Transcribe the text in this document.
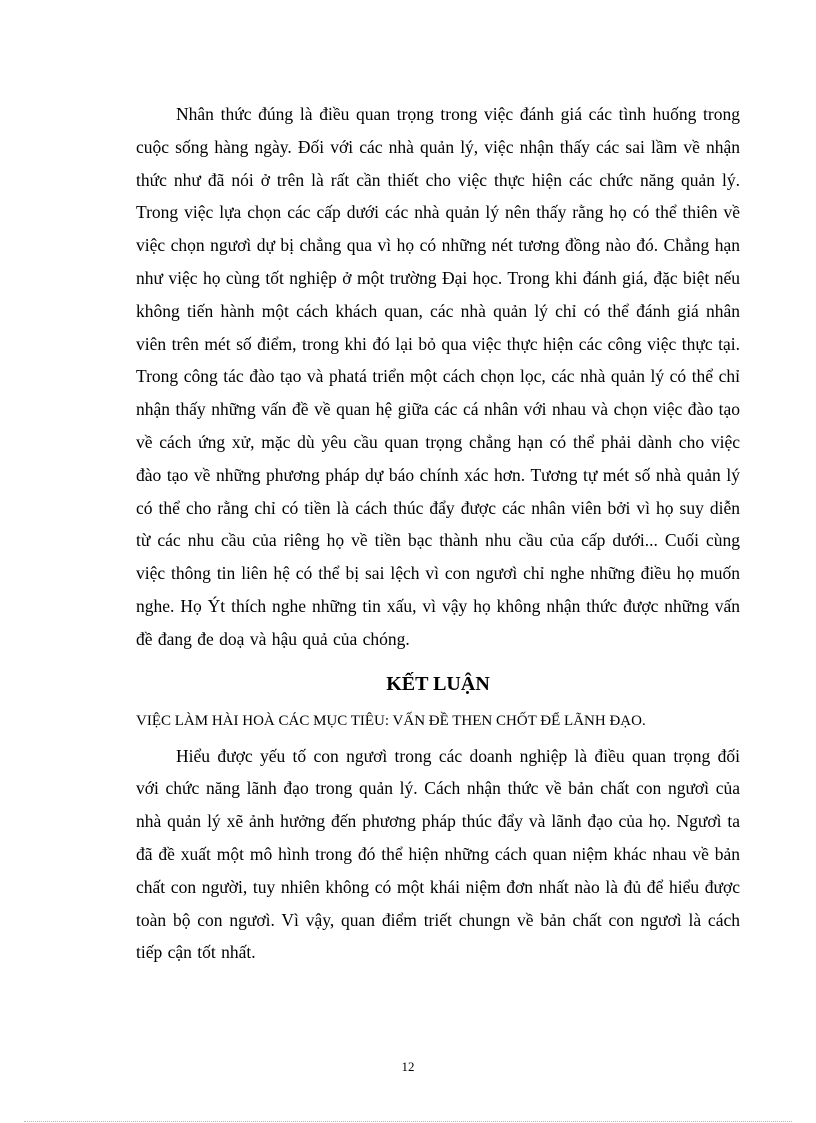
Nhân thức đúng là điều quan trọng trong việc đánh giá các tình huống trong cuộc sống hàng ngày. Đối với các nhà quản lý, việc nhận thấy các sai lầm về nhận thức như đã nói ở trên là rất cần thiết cho việc thực hiện các chức năng quản lý. Trong việc lựa chọn các cấp dưới các nhà quản lý nên thấy rằng họ có thể thiên về việc chọn ngươì dự bị chẳng qua vì họ có những nét tương đồng nào đó. Chẳng hạn như việc họ cùng tốt nghiệp ở một trường Đại học. Trong khi đánh giá, đặc biệt nếu không tiến hành một cách khách quan, các nhà quản lý chỉ có thể đánh giá nhân viên trên mét số điểm, trong khi đó lại bỏ qua việc thực hiện các công việc thực tại. Trong công tác đào tạo và phatá triển một cách chọn lọc, các nhà quản lý có thể chỉ nhận thấy những vấn đề về quan hệ giữa các cá nhân với nhau và chọn việc đào tạo về cách ứng xử, mặc dù yêu cầu quan trọng chẳng hạn có thể phải dành cho việc đào tạo về những phương pháp dự báo chính xác hơn. Tương tự mét số nhà quản lý có thể cho rằng chỉ có tiền là cách thúc đẩy được các nhân viên bởi vì họ suy diễn từ các nhu cầu của riêng họ về tiền bạc thành nhu cầu của cấp dưới... Cuối cùng việc thông tin liên hệ có thể bị sai lệch vì con ngươì chỉ nghe những điều họ muốn nghe. Họ Ýt thích nghe những tin xấu, vì vậy họ không nhận thức được những vấn đề đang đe doạ và hậu quả của chóng.

KẾT LUẬN

VIỆC LÀM HÀI HOÀ CÁC MỤC TIÊU: VẤN ĐỀ THEN CHỐT ĐỂ LÃNH ĐẠO.

Hiểu được yếu tố con ngươì trong các doanh nghiệp là điều quan trọng đối với chức năng lãnh đạo trong quản lý. Cách nhận thức về bản chất con ngươì của nhà quản lý xẽ ảnh hưởng đến phương pháp thúc đẩy và lãnh đạo của họ. Ngươì ta đã đề xuất một mô hình trong đó thể hiện những cách quan niệm khác nhau về bản chất con người, tuy nhiên không có một khái niệm đơn nhất nào là đủ để hiểu được toàn bộ con ngươì. Vì vậy, quan điểm triết chungn về bản chất con ngươì là cách tiếp cận tốt nhất.

12
